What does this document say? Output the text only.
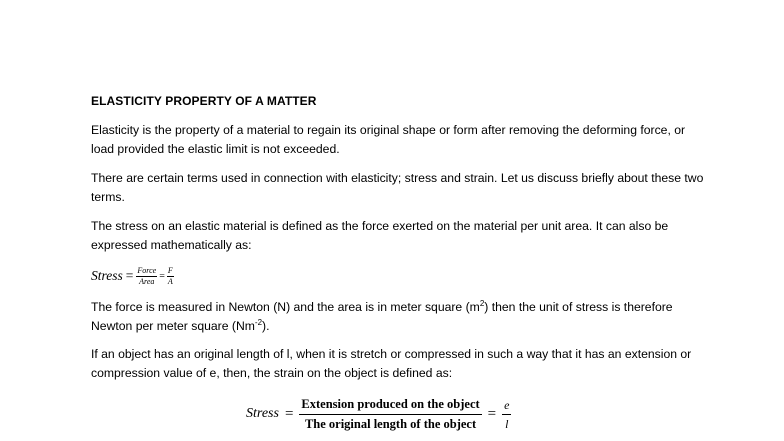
ELASTICITY PROPERTY OF A MATTER
Elasticity is the property of a material to regain its original shape or form after removing the deforming force, or load provided the elastic limit is not exceeded.
There are certain terms used in connection with elasticity; stress and strain. Let us discuss briefly about these two terms.
The stress on an elastic material is defined as the force exerted on the material per unit area. It can also be expressed mathematically as:
Stress = $\frac{\text{Force}}{\text{Area}} = \frac{F}{A}$
The force is measured in Newton (N) and the area is in meter square $(m^2)$ then the unit of stress is therefore Newton per meter square $(Nm^{-2})$.
If an object has an original length of l, when it is stretch or compressed in such a way that it has an extension or compression value of e, then, the strain on the object is defined as:
Stress = $\frac{\text{Extension produced on the object}}{\text{The original length of the object}} = \frac{e}{l}$
